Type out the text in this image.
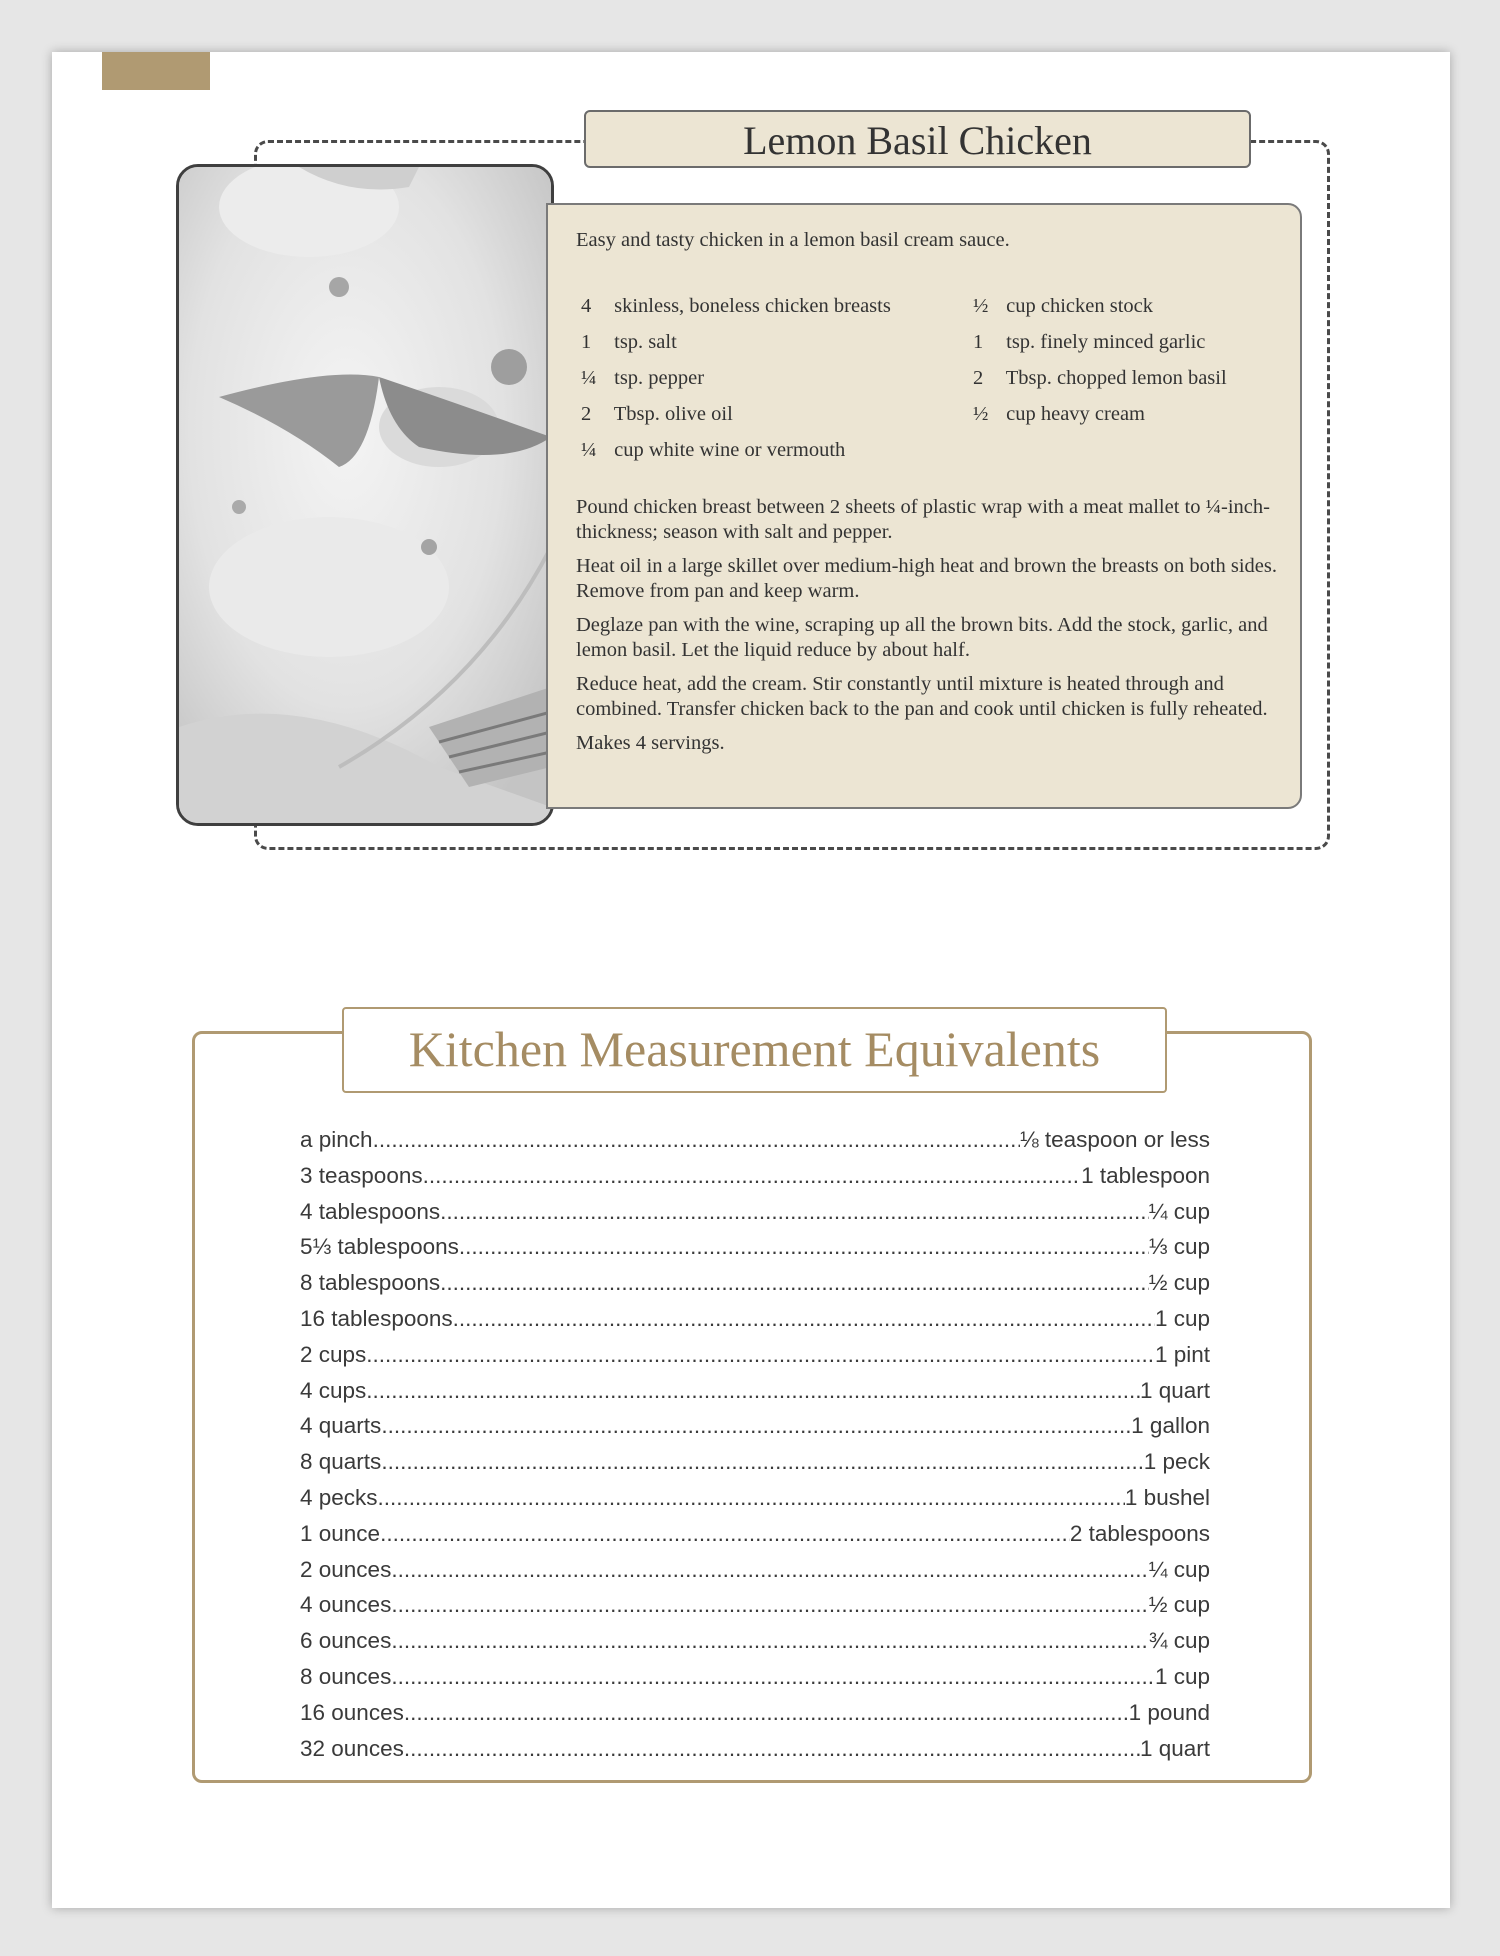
Lemon Basil Chicken
Easy and tasty chicken in a lemon basil cream sauce.
4 skinless, boneless chicken breasts
1 tsp. salt
¼ tsp. pepper
2 Tbsp. olive oil
¼ cup white wine or vermouth
½ cup chicken stock
1 tsp. finely minced garlic
2 Tbsp. chopped lemon basil
½ cup heavy cream

Pound chicken breast between 2 sheets of plastic wrap with a meat mallet to ¼-inch-thickness; season with salt and pepper.

Heat oil in a large skillet over medium-high heat and brown the breasts on both sides. Remove from pan and keep warm.

Deglaze pan with the wine, scraping up all the brown bits. Add the stock, garlic, and lemon basil. Let the liquid reduce by about half.

Reduce heat, add the cream. Stir constantly until mixture is heated through and combined. Transfer chicken back to the pan and cook until chicken is fully reheated.

Makes 4 servings.

Kitchen Measurement Equivalents
a pinch .....	⅛ teaspoon or less
3 teaspoons .....	1 tablespoon
4 tablespoons .....	¼ cup
5⅓ tablespoons .....	⅓ cup
8 tablespoons .....	½ cup
16 tablespoons .....	1 cup
2 cups .....	1 pint
4 cups .....	1 quart
4 quarts .....	1 gallon
8 quarts .....	1 peck
4 pecks .....	1 bushel
1 ounce .....	2 tablespoons
2 ounces .....	¼ cup
4 ounces .....	½ cup
6 ounces .....	¾ cup
8 ounces .....	1 cup
16 ounces .....	1 pound
32 ounces .....	1 quart
